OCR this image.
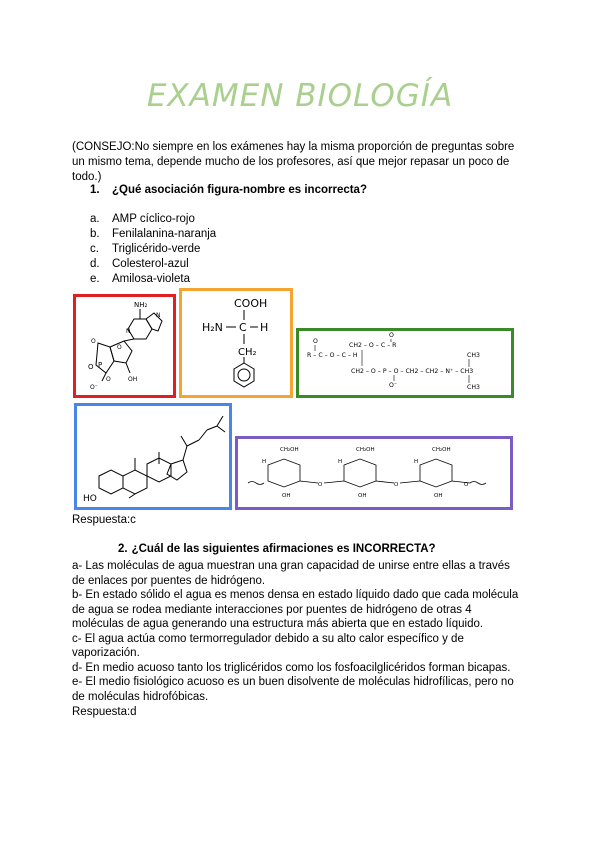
EXAMEN BIOLOGÍA
(CONSEJO:No siempre en los exámenes hay la misma proporción de preguntas sobre un mismo tema, depende mucho de los profesores, así que mejor repasar un poco de todo.)
1. ¿Qué asociación figura-nombre es incorrecta?
a. AMP cíclico-rojo
b. Fenilalanina-naranja
c. Triglicérido-verde
d. Colesterol-azul
e. Amilosa-violeta
NH₂
N
N
O
O
O P
O	OH
O⁻
COOH
H₂N C H
CH₂
O
O
R – C – O – C – H
CH2 – O – C – R
CH2 – O – P – O – CH2 – CH2 – N⁺ – CH3
O⁻
CH3
CH3
HO
CH₂OH	CH₂OH	CH₂OH
O	O	O
OH	OH	OH
H	H	H
Respuesta:c
2. ¿Cuál de las siguientes afirmaciones es INCORRECTA?

a- Las moléculas de agua muestran una gran capacidad de unirse entre ellas a través de enlaces por puentes de hidrógeno.

b- En estado sólido el agua es menos densa en estado líquido dado que cada molécula de agua se rodea mediante interacciones por puentes de hidrógeno de otras 4 moléculas de agua generando una estructura más abierta que en estado líquido.

c- El agua actúa como termorregulador debido a su alto calor específico y de vaporización.

d- En medio acuoso tanto los triglicéridos como los fosfoacilglicéridos forman bicapas.

e- El medio fisiológico acuoso es un buen disolvente de moléculas hidrofílicas, pero no de moléculas hidrofóbicas.

Respuesta:d
